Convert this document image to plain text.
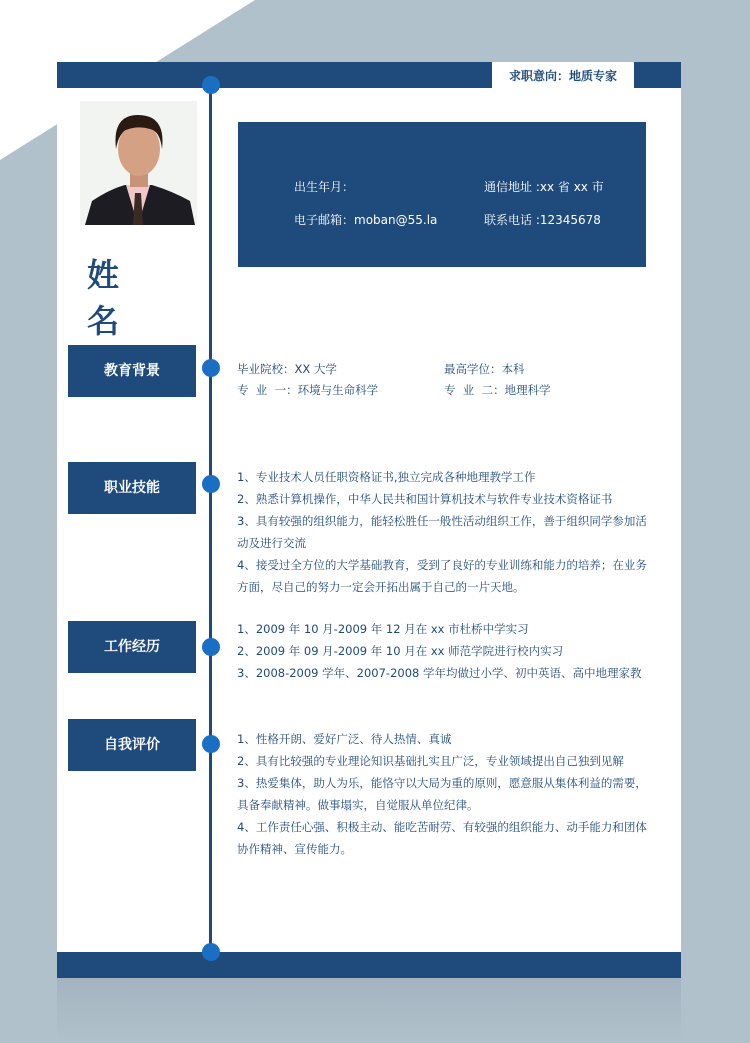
求职意向：地质专家
姓 名
出生年月：	通信地址 :xx 省 xx 市
电子邮箱：moban@55.la	联系电话 :12345678
教育背景	毕业院校：XX 大学	最高学位：本科
专  业  一：环境与生命科学	专  业  二：地理科学
职业技能
1、专业技术人员任职资格证书,独立完成各种地理教学工作
2、熟悉计算机操作，中华人民共和国计算机技术与软件专业技术资格证书
3、具有较强的组织能力，能轻松胜任一般性活动组织工作，善于组织同学参加活
动及进行交流
4、接受过全方位的大学基础教育，受到了良好的专业训练和能力的培养；在业务
方面，尽自己的努力一定会开拓出属于自己的一片天地。
工作经历
1、2009 年 10 月-2009 年 12 月在 xx 市杜桥中学实习
2、2009 年 09 月-2009 年 10 月在 xx 师范学院进行校内实习
3、2008-2009 学年、2007-2008 学年均做过小学、初中英语、高中地理家教
自我评价	1、性格开朗、爱好广泛、待人热情、真诚
2、具有比较强的专业理论知识基础扎实且广泛，专业领域提出自己独到见解
3、热爱集体，助人为乐，能恪守以大局为重的原则，愿意服从集体利益的需要，
具备奉献精神。做事塌实，自觉服从单位纪律。
4、工作责任心强、积极主动、能吃苦耐劳、有较强的组织能力、动手能力和团体
协作精神、宣传能力。
